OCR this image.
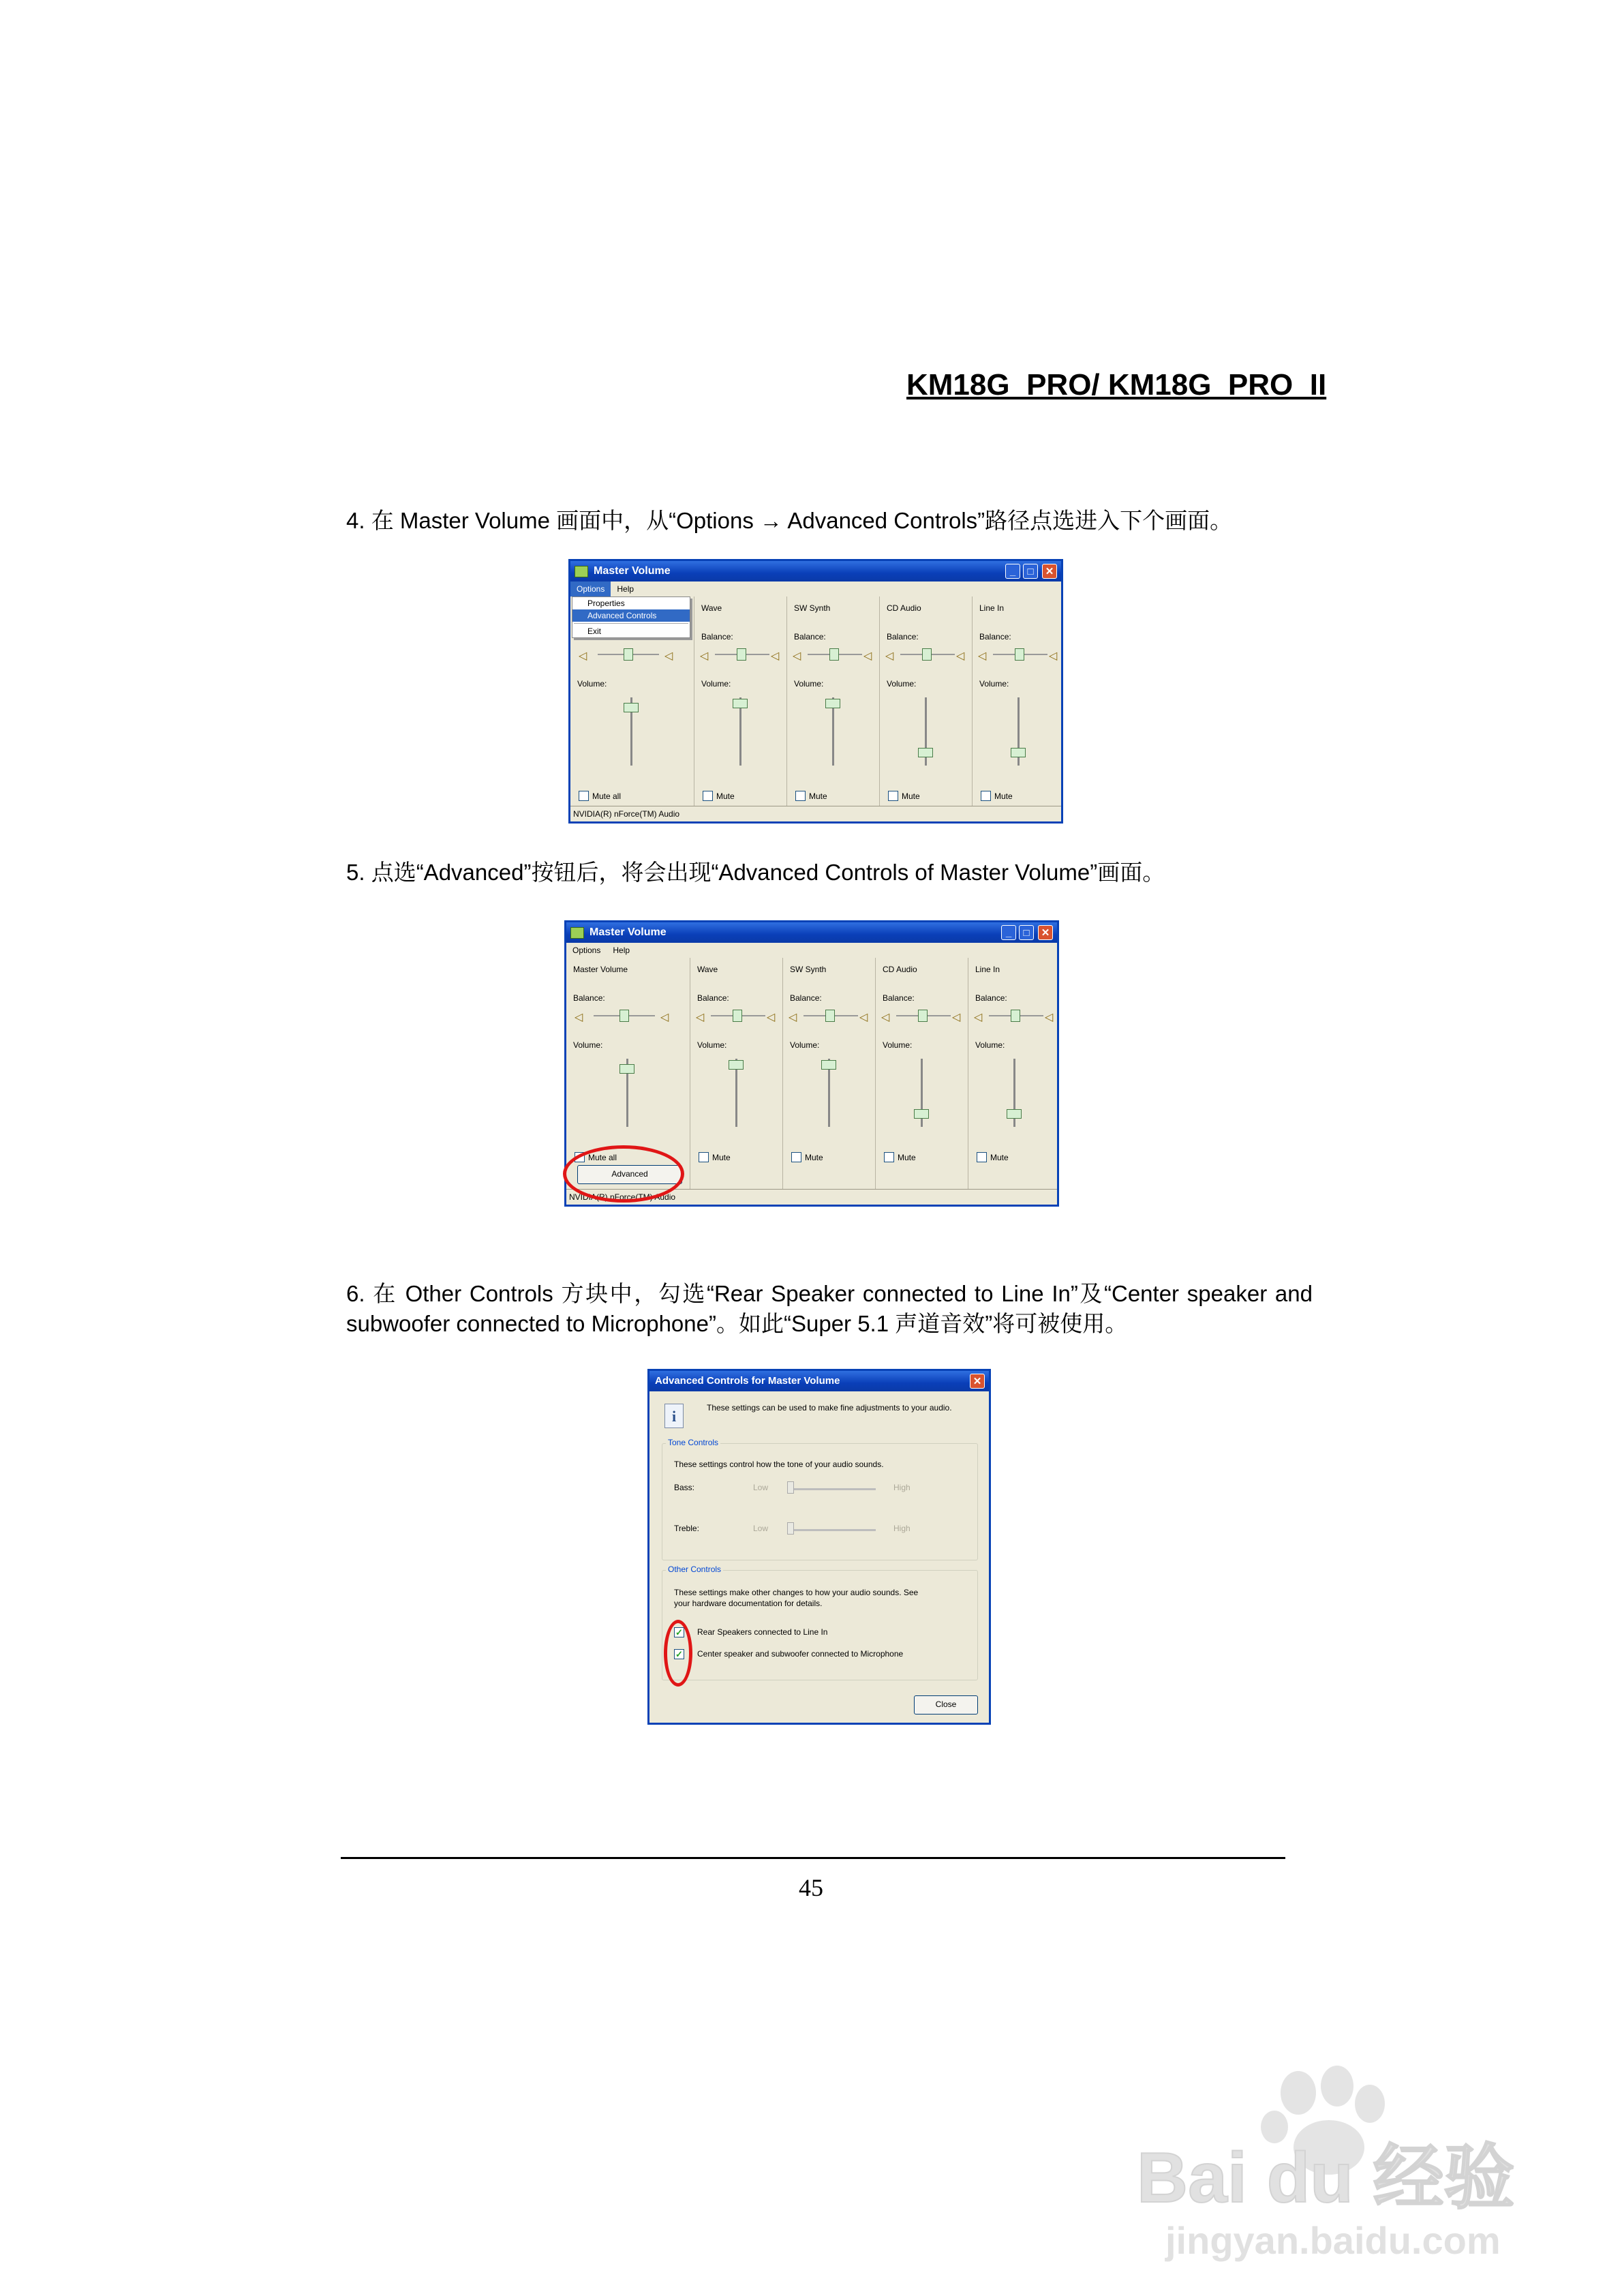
KM18G_PRO/ KM18G_PRO_II
4. 在 Master Volume 画面中，从“Options → Advanced Controls”路径点选进入下个画面。
Master Volume	_	□	✕
Options Help
◁	◁
Volume:
Mute all
Wave
Balance:
◁	◁
Volume:
Mute
SW Synth
Balance:
◁	◁
Volume:
Mute
CD Audio
Balance:
◁	◁
Volume:
Mute
Line In
Balance:
◁	◁
Volume:
Mute
Properties
Advanced Controls
Exit
NVIDIA(R) nForce(TM) Audio
5. 点选“Advanced”按钮后，将会出现“Advanced Controls of Master Volume”画面。
Master Volume	_	□	✕
Options Help
Master Volume
Balance:
◁	◁
Volume:
Mute all
Advanced
Wave
Balance:
◁	◁
Volume:
Mute
SW Synth
Balance:
◁	◁
Volume:
Mute
CD Audio
Balance:
◁	◁
Volume:
Mute
Line In
Balance:
◁	◁
Volume:
Mute
NVIDIA(R) nForce(TM) Audio
6. 在 Other Controls 方块中，勾选“Rear Speaker connected to Line In”及“Center speaker and subwoofer connected to Microphone”。如此“Super 5.1 声道音效”将可被使用。
Advanced Controls for Master Volume	✕
i	These settings can be used to make fine adjustments to your audio.
Tone Controls
These settings control how the tone of your audio sounds.
Bass:	Low	High
Treble:	Low	High
Other Controls
These settings make other changes to how your audio sounds. See
your hardware documentation for details.
✓ Rear Speakers connected to Line In
✓ Center speaker and subwoofer connected to Microphone
Close
45
Bai du 经验
jingyan.baidu.com
